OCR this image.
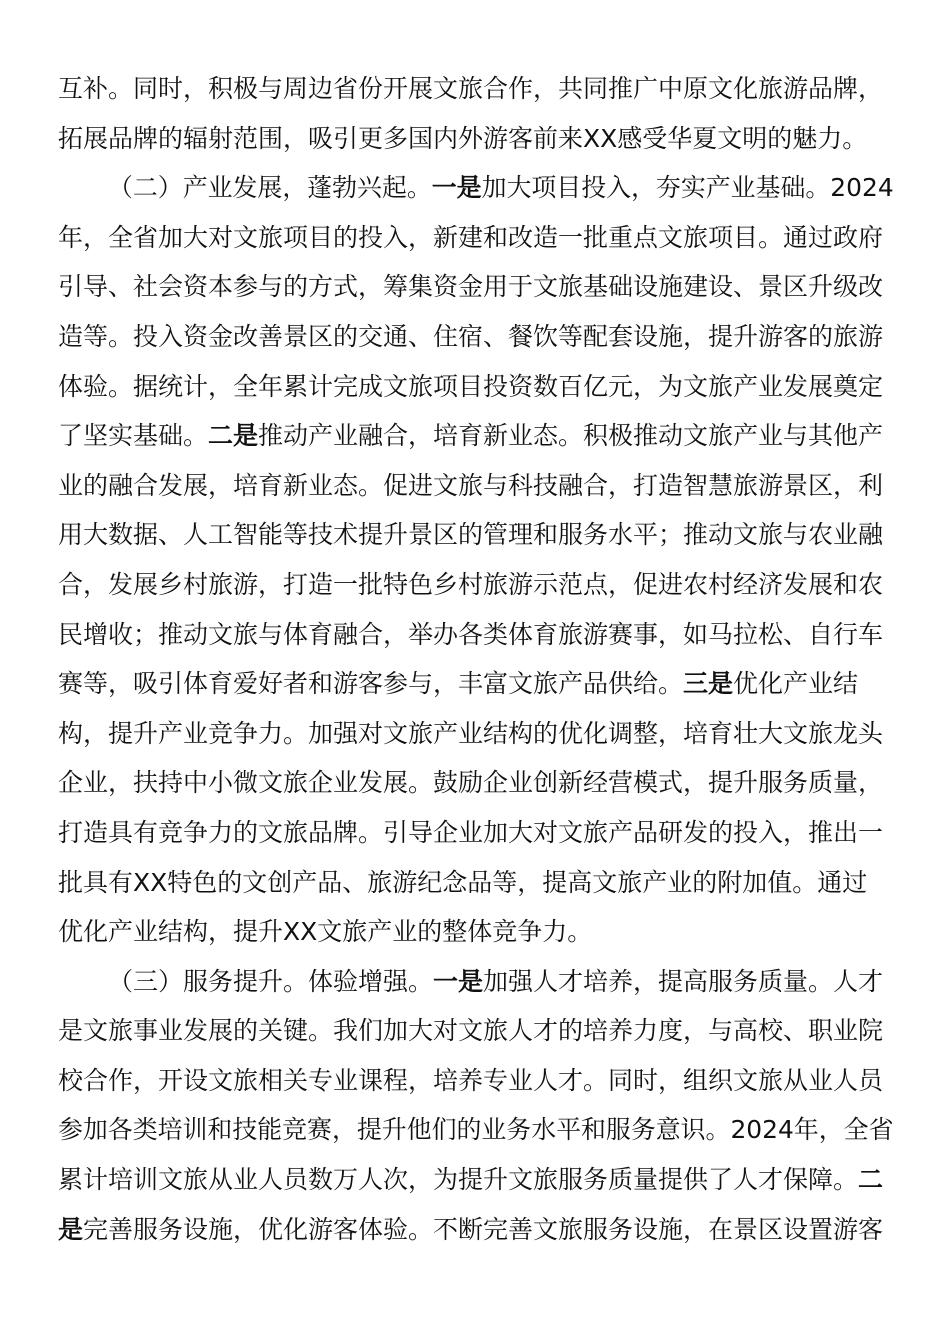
互补。同时，积极与周边省份开展文旅合作，共同推广中原文化旅游品牌，
拓展品牌的辐射范围，吸引更多国内外游客前来XX感受华夏文明的魅力。
（二）产业发展，蓬勃兴起。一是加大项目投入，夯实产业基础。2024
年，全省加大对文旅项目的投入，新建和改造一批重点文旅项目。通过政府
引导、社会资本参与的方式，筹集资金用于文旅基础设施建设、景区升级改
造等。投入资金改善景区的交通、住宿、餐饮等配套设施，提升游客的旅游
体验。据统计，全年累计完成文旅项目投资数百亿元，为文旅产业发展奠定
了坚实基础。二是推动产业融合，培育新业态。积极推动文旅产业与其他产
业的融合发展，培育新业态。促进文旅与科技融合，打造智慧旅游景区，利
用大数据、人工智能等技术提升景区的管理和服务水平；推动文旅与农业融
合，发展乡村旅游，打造一批特色乡村旅游示范点，促进农村经济发展和农
民增收；推动文旅与体育融合，举办各类体育旅游赛事，如马拉松、自行车
赛等，吸引体育爱好者和游客参与，丰富文旅产品供给。三是优化产业结
构，提升产业竞争力。加强对文旅产业结构的优化调整，培育壮大文旅龙头
企业，扶持中小微文旅企业发展。鼓励企业创新经营模式，提升服务质量，
打造具有竞争力的文旅品牌。引导企业加大对文旅产品研发的投入，推出一
批具有XX特色的文创产品、旅游纪念品等，提高文旅产业的附加值。通过
优化产业结构，提升XX文旅产业的整体竞争力。
（三）服务提升。体验增强。一是加强人才培养，提高服务质量。人才
是文旅事业发展的关键。我们加大对文旅人才的培养力度，与高校、职业院
校合作，开设文旅相关专业课程，培养专业人才。同时，组织文旅从业人员
参加各类培训和技能竞赛，提升他们的业务水平和服务意识。2024年，全省
累计培训文旅从业人员数万人次，为提升文旅服务质量提供了人才保障。二
是完善服务设施，优化游客体验。不断完善文旅服务设施，在景区设置游客
